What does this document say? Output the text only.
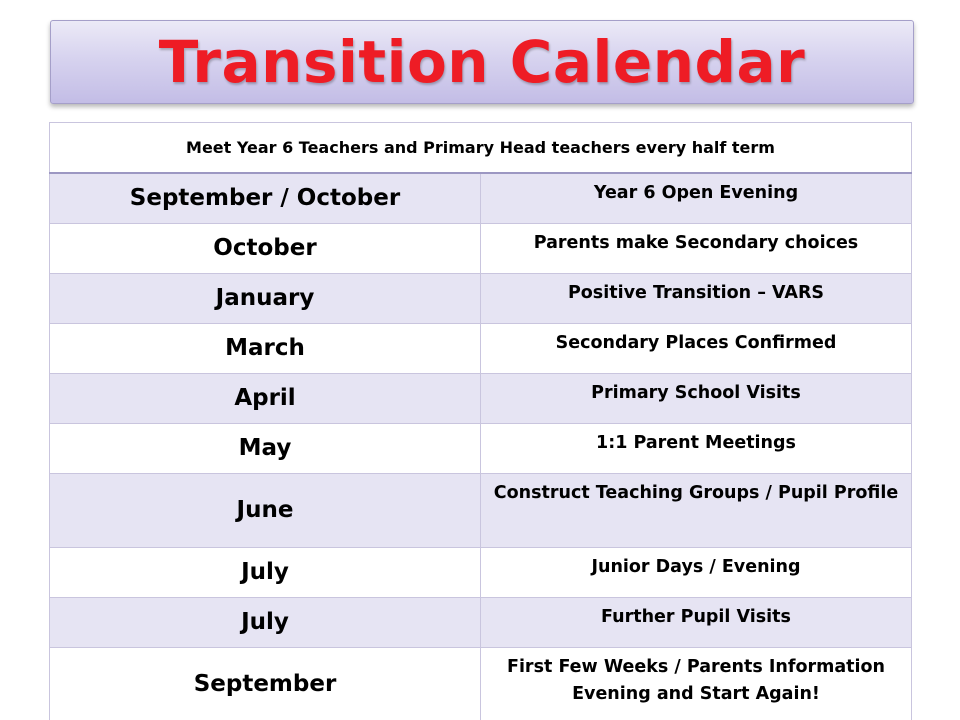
Transition Calendar
Meet Year 6 Teachers and Primary Head teachers every half term	
September / October	Year 6 Open Evening
October	Parents make Secondary choices
January	Positive Transition – VARS
March	Secondary Places Confirmed
April	Primary School Visits
May	1:1 Parent Meetings
June	Construct Teaching Groups / Pupil Profile
July	Junior Days / Evening
July	Further Pupil Visits
September	First Few Weeks / Parents Information Evening and Start Again!
